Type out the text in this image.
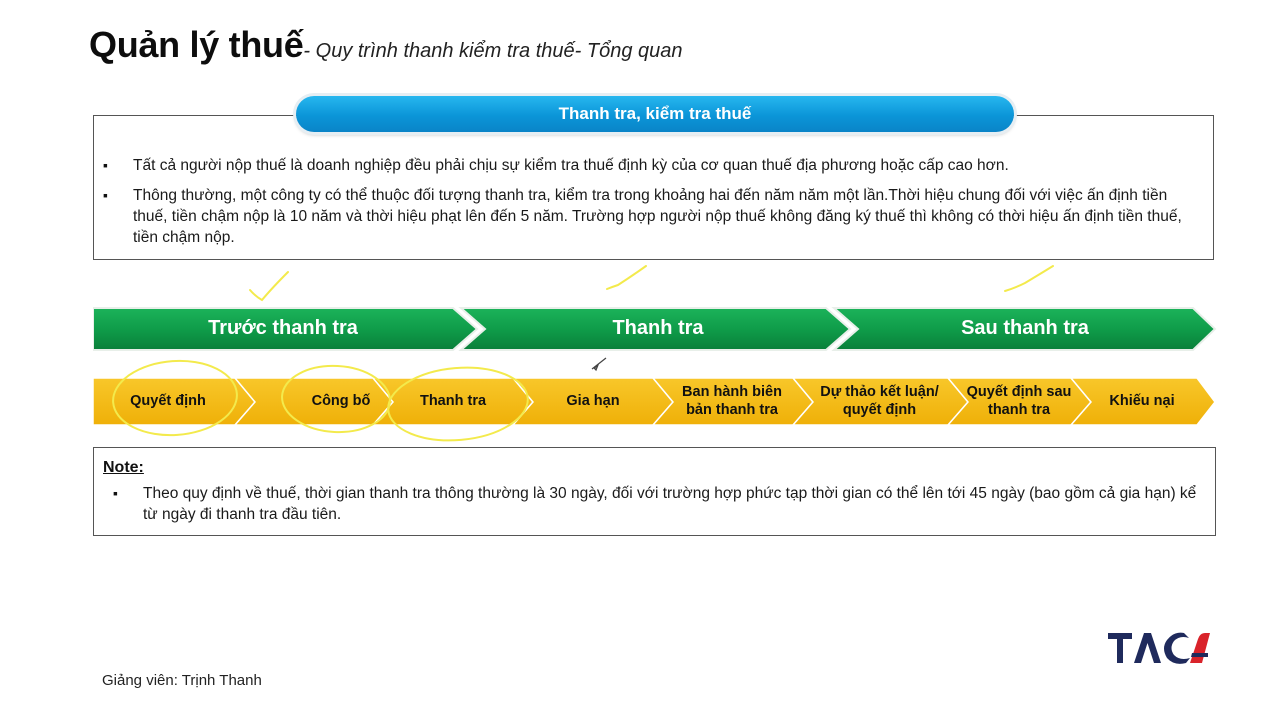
Quản lý thuế- Quy trình thanh kiểm tra thuế- Tổng quan
Thanh tra, kiểm tra thuế
▪ Tất cả người nộp thuế là doanh nghiệp đều phải chịu sự kiểm tra thuế định kỳ của cơ quan thuế địa phương hoặc cấp cao hơn.
▪ Thông thường, một công ty có thể thuộc đối tượng thanh tra, kiểm tra trong khoảng hai đến năm năm một lần.Thời hiệu chung đối với việc ấn định tiền thuế, tiền chậm nộp là 10 năm và thời hiệu phạt lên đến 5 năm. Trường hợp người nộp thuế không đăng ký thuế thì không có thời hiệu ấn định tiền thuế, tiền chậm nộp.
Trước thanh tra	Thanh tra	Sau thanh tra
Quyết định	Công bố	Thanh tra	Gia hạn
Ban hành biên bản thanh tra
Dự thảo kết luận/ quyết định
Quyết định sau thanh tra
Khiếu nại
Note:
▪ Theo quy định về thuế, thời gian thanh tra thông thường là 30 ngày, đối với trường hợp phức tạp thời gian có thể lên tới 45 ngày (bao gồm cả gia hạn) kể từ ngày đi thanh tra đầu tiên.
Giảng viên: Trịnh Thanh
